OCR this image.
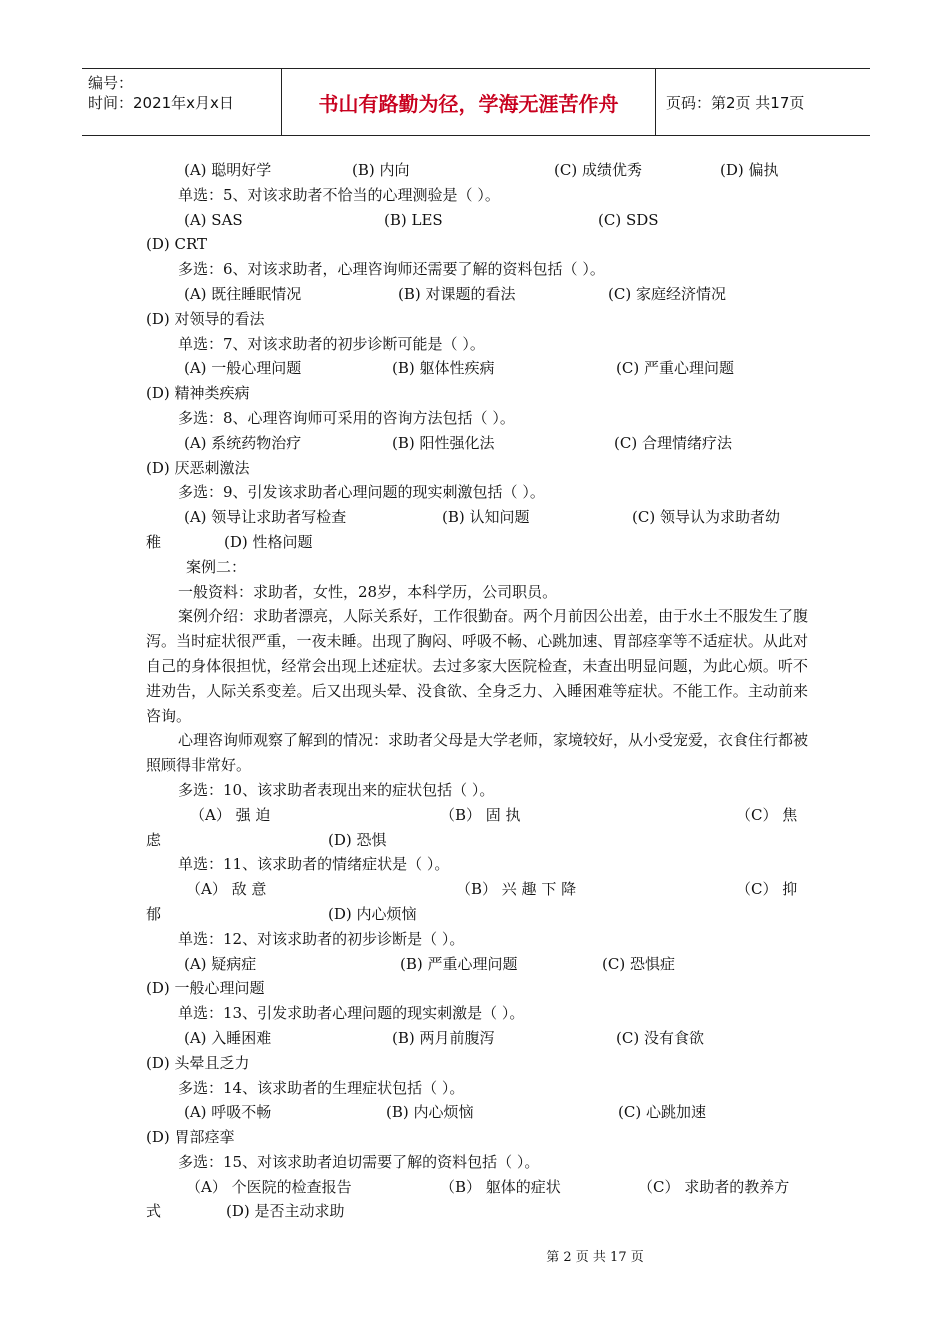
编号：
时间：2021年x月x日	书山有路勤为径，学海无涯苦作舟	页码：第2页 共17页
(A) 聪明好学	(B) 内向	(C) 成绩优秀	(D) 偏执
单选：5、对该求助者不恰当的心理测验是（ ）。
(A) SAS	(B) LES	(C) SDS
(D) CRT
多选：6、对该求助者，心理咨询师还需要了解的资料包括（ ）。
(A) 既往睡眠情况	(B) 对课题的看法	(C) 家庭经济情况
(D) 对领导的看法
单选：7、对该求助者的初步诊断可能是（ ）。
(A) 一般心理问题	(B) 躯体性疾病	(C) 严重心理问题
(D) 精神类疾病
多选：8、心理咨询师可采用的咨询方法包括（ ）。
(A) 系统药物治疗	(B) 阳性强化法	(C) 合理情绪疗法
(D) 厌恶刺激法
多选：9、引发该求助者心理问题的现实刺激包括（ ）。
(A) 领导让求助者写检查	(B) 认知问题	(C) 领导认为求助者幼
稚	(D) 性格问题
案例二：
一般资料：求助者，女性，28岁，本科学历，公司职员。
案例介绍：求助者漂亮，人际关系好，工作很勤奋。两个月前因公出差，由于水土不服发生了腹泻。当时症状很严重，一夜未睡。出现了胸闷、呼吸不畅、心跳加速、胃部痉挛等不适症状。从此对自己的身体很担忧，经常会出现上述症状。去过多家大医院检查，未查出明显问题，为此心烦。听不进劝告，人际关系变差。后又出现头晕、没食欲、全身乏力、入睡困难等症状。不能工作。主动前来咨询。
心理咨询师观察了解到的情况：求助者父母是大学老师，家境较好，从小受宠爱，衣食住行都被照顾得非常好。
多选：10、该求助者表现出来的症状包括（ ）。
（A） 强 迫	（B） 固 执	（C） 焦
虑	(D) 恐惧
单选：11、该求助者的情绪症状是（ ）。
（A） 敌 意	（B） 兴 趣 下 降	（C） 抑
郁	(D) 内心烦恼
单选：12、对该求助者的初步诊断是（ ）。
(A) 疑病症	(B) 严重心理问题	(C) 恐惧症
(D) 一般心理问题
单选：13、引发求助者心理问题的现实刺激是（ ）。
(A) 入睡困难	(B) 两月前腹泻	(C) 没有食欲
(D) 头晕且乏力
多选：14、该求助者的生理症状包括（ ）。
(A) 呼吸不畅	(B) 内心烦恼	(C) 心跳加速
(D) 胃部痉挛
多选：15、对该求助者迫切需要了解的资料包括（ ）。
（A） 个医院的检查报告	（B） 躯体的症状	（C） 求助者的教养方
式	(D) 是否主动求助
第 2 页 共 17 页
